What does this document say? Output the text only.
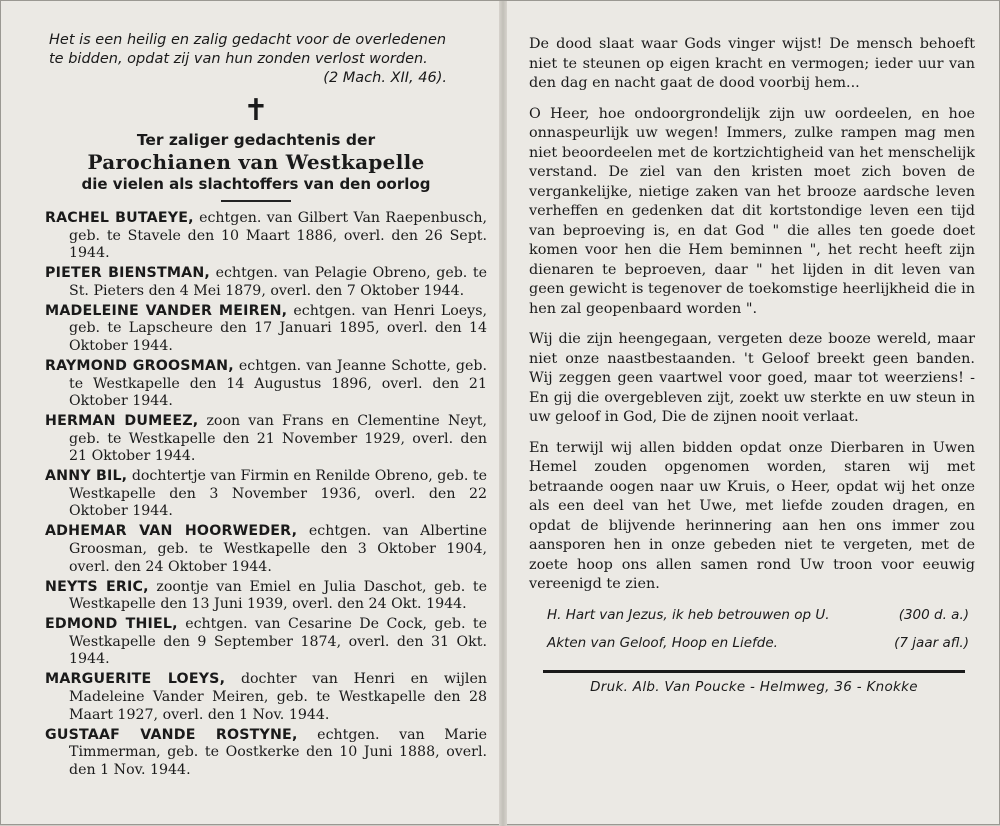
Het is een heilig en zalig gedacht voor de overledenen
te bidden, opdat zij van hun zonden verlost worden.
(2 Mach. XII, 46).
✝
Ter zaliger gedachtenis der
Parochianen van Westkapelle
die vielen als slachtoffers van den oorlog
RACHEL BUTAEYE, echtgen. van Gilbert Van Raepenbusch, geb. te Stavele den 10 Maart 1886, overl. den 26 Sept. 1944.
PIETER BIENSTMAN, echtgen. van Pelagie Obreno, geb. te St. Pieters den 4 Mei 1879, overl. den 7 Oktober 1944.
MADELEINE VANDER MEIREN, echtgen. van Henri Loeys, geb. te Lapscheure den 17 Januari 1895, overl. den 14 Oktober 1944.
RAYMOND GROOSMAN, echtgen. van Jeanne Schotte, geb. te Westkapelle den 14 Augustus 1896, overl. den 21 Oktober 1944.
HERMAN DUMEEZ, zoon van Frans en Clementine Neyt, geb. te Westkapelle den 21 November 1929, overl. den 21 Oktober 1944.
ANNY BIL, dochtertje van Firmin en Renilde Obreno, geb. te Westkapelle den 3 November 1936, overl. den 22 Oktober 1944.
ADHEMAR VAN HOORWEDER, echtgen. van Albertine Groosman, geb. te Westkapelle den 3 Oktober 1904, overl. den 24 Oktober 1944.
NEYTS ERIC, zoontje van Emiel en Julia Daschot, geb. te Westkapelle den 13 Juni 1939, overl. den 24 Okt. 1944.
EDMOND THIEL, echtgen. van Cesarine De Cock, geb. te Westkapelle den 9 September 1874, overl. den 31 Okt. 1944.
MARGUERITE LOEYS, dochter van Henri en wijlen Madeleine Vander Meiren, geb. te Westkapelle den 28 Maart 1927, overl. den 1 Nov. 1944.
GUSTAAF VANDE ROSTYNE, echtgen. van Marie Timmerman, geb. te Oostkerke den 10 Juni 1888, overl. den 1 Nov. 1944.

De dood slaat waar Gods vinger wijst! De mensch behoeft niet te steunen op eigen kracht en vermogen; ieder uur van den dag en nacht gaat de dood voorbij hem...

O Heer, hoe ondoorgrondelijk zijn uw oordeelen, en hoe onnaspeurlijk uw wegen! Immers, zulke rampen mag men niet beoordeelen met de kortzichtigheid van het menschelijk verstand. De ziel van den kristen moet zich boven de vergankelijke, nietige zaken van het brooze aardsche leven verheffen en gedenken dat dit kortstondige leven een tijd van beproeving is, en dat God " die alles ten goede doet komen voor hen die Hem beminnen ", het recht heeft zijn dienaren te beproeven, daar " het lijden in dit leven van geen gewicht is tegenover de toekomstige heerlijkheid die in hen zal geopenbaard worden ".

Wij die zijn heengegaan, vergeten deze booze wereld, maar niet onze naastbestaanden. 't Geloof breekt geen banden. Wij zeggen geen vaartwel voor goed, maar tot weerziens! - En gij die overgebleven zijt, zoekt uw sterkte en uw steun in uw geloof in God, Die de zijnen nooit verlaat.

En terwijl wij allen bidden opdat onze Dierbaren in Uwen Hemel zouden opgenomen worden, staren wij met betraande oogen naar uw Kruis, o Heer, opdat wij het onze als een deel van het Uwe, met liefde zouden dragen, en opdat de blijvende herinnering aan hen ons immer zou aansporen hen in onze gebeden niet te vergeten, met de zoete hoop ons allen samen rond Uw troon voor eeuwig vereenigd te zien.

H. Hart van Jezus, ik heb betrouwen op U.	(300 d. a.)
Akten van Geloof, Hoop en Liefde.	(7 jaar afl.)
Druk. Alb. Van Poucke - Helmweg, 36 - Knokke
